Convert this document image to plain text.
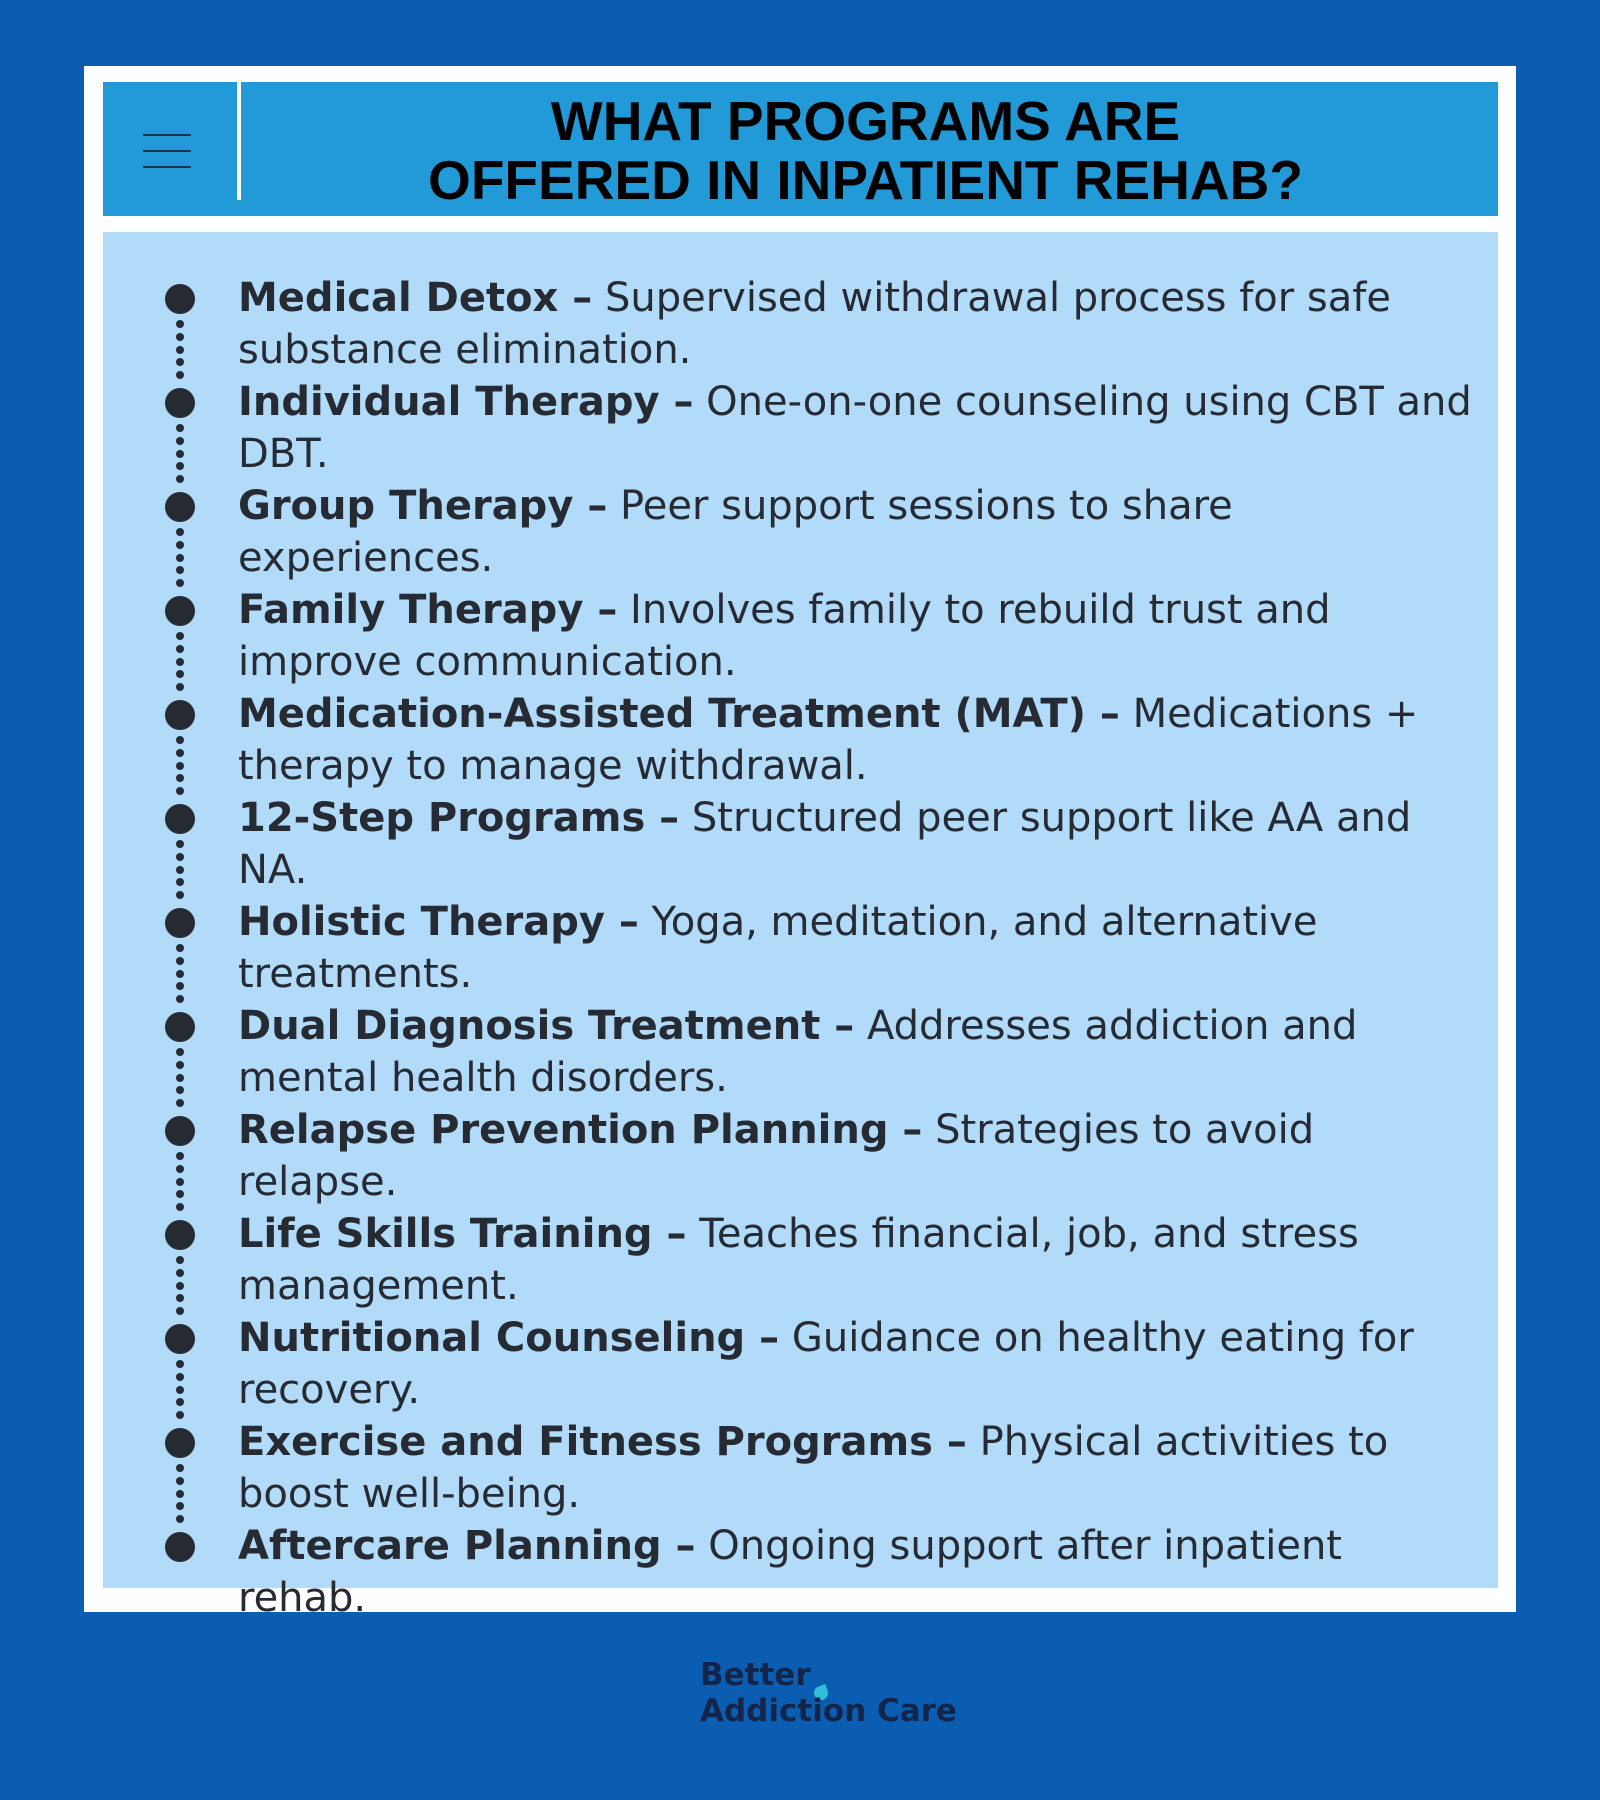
WHAT PROGRAMS ARE
OFFERED IN INPATIENT REHAB?
Medical Detox – Supervised withdrawal process for safe substance elimination.
Individual Therapy – One-on-one counseling using CBT and DBT.
Group Therapy – Peer support sessions to share experiences.
Family Therapy – Involves family to rebuild trust and improve communication.
Medication-Assisted Treatment (MAT) – Medications + therapy to manage withdrawal.
12-Step Programs – Structured peer support like AA and NA.
Holistic Therapy – Yoga, meditation, and alternative treatments.
Dual Diagnosis Treatment – Addresses addiction and mental health disorders.
Relapse Prevention Planning – Strategies to avoid relapse.
Life Skills Training – Teaches financial, job, and stress management.
Nutritional Counseling – Guidance on healthy eating for recovery.
Exercise and Fitness Programs – Physical activities to boost well-being.
Aftercare Planning – Ongoing support after inpatient rehab.
Better
Addiction Care
